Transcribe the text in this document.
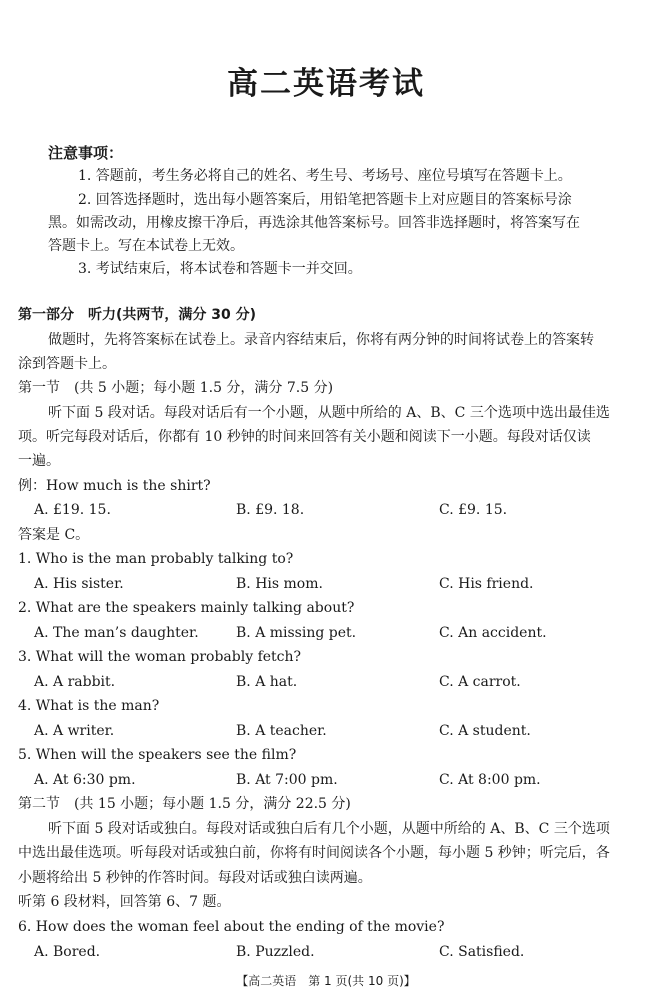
高二英语考试
注意事项：
1. 答题前，考生务必将自己的姓名、考生号、考场号、座位号填写在答题卡上。
2. 回答选择题时，选出每小题答案后，用铅笔把答题卡上对应题目的答案标号涂
黑。如需改动，用橡皮擦干净后，再选涂其他答案标号。回答非选择题时，将答案写在
答题卡上。写在本试卷上无效。
3. 考试结束后，将本试卷和答题卡一并交回。
第一部分　听力(共两节，满分 30 分)
做题时，先将答案标在试卷上。录音内容结束后，你将有两分钟的时间将试卷上的答案转
涂到答题卡上。
第一节　(共 5 小题；每小题 1.5 分，满分 7.5 分)
听下面 5 段对话。每段对话后有一个小题，从题中所给的 A、B、C 三个选项中选出最佳选
项。听完每段对话后，你都有 10 秒钟的时间来回答有关小题和阅读下一小题。每段对话仅读
一遍。
例：How much is the shirt?
A. £19. 15.	B. £9. 18.	C. £9. 15.
答案是 C。
1. Who is the man probably talking to?
A. His sister.	B. His mom.	C. His friend.
2. What are the speakers mainly talking about?
A. The man’s daughter.	B. A missing pet.	C. An accident.
3. What will the woman probably fetch?
A. A rabbit.	B. A hat.	C. A carrot.
4. What is the man?
A. A writer.	B. A teacher.	C. A student.
5. When will the speakers see the film?
A. At 6:30 pm.	B. At 7:00 pm.	C. At 8:00 pm.
第二节　(共 15 小题；每小题 1.5 分，满分 22.5 分)
听下面 5 段对话或独白。每段对话或独白后有几个小题，从题中所给的 A、B、C 三个选项
中选出最佳选项。听每段对话或独白前，你将有时间阅读各个小题，每小题 5 秒钟；听完后，各
小题将给出 5 秒钟的作答时间。每段对话或独白读两遍。
听第 6 段材料，回答第 6、7 题。
6. How does the woman feel about the ending of the movie?
A. Bored.	B. Puzzled.	C. Satisfied.
【高二英语　第 1 页(共 10 页)】
